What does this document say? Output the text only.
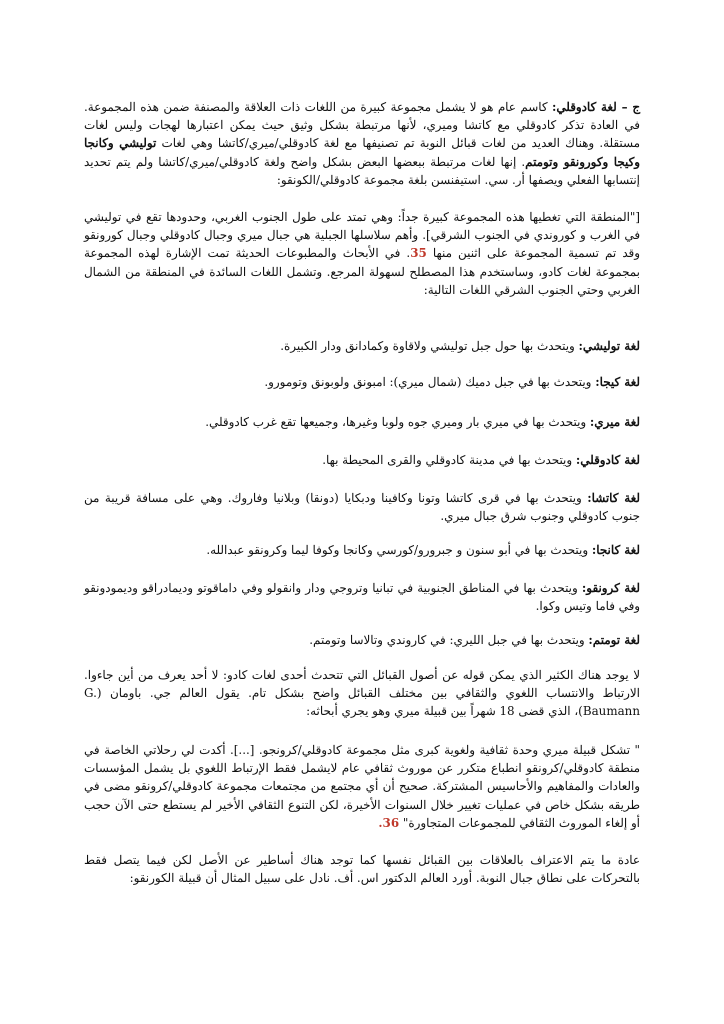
ج – لغة كادوقلي: كاسم عام هو لا يشمل مجموعة كبيرة من اللغات ذات العلاقة والمصنفة ضمن هذه المجموعة. في العادة تذكر كادوقلي مع كاتشا وميري، لأنها مرتبطة بشكل وثيق حيث يمكن اعتبارها لهجات وليس لغات مستقلة. وهناك العديد من لغات قبائل النوبة تم تصنيفها مع لغة كادوقلي/ميري/كاتشا وهي لغات توليشي وكانجا وكيجا وكورونقو وتومتم. إنها لغات مرتبطة ببعضها البعض بشكل واضح ولغة كادوقلي/ميري/كاتشا ولم يتم تحديد إنتسابها الفعلي ويصفها أر. سي. استيفنسن بلغة مجموعة كادوقلي/الكونقو:

["المنطقة التي تغطيها هذه المجموعة كبيرة جداً: وهي تمتد على طول الجنوب الغربي، وحدودها تقع في توليشي في الغرب و كوروندي في الجنوب الشرقي]. وأهم سلاسلها الجبلية هي جبال ميري وجبال كادوقلي وجبال كورونقو وقد تم تسمية المجموعة على اثنين منها 35. في الأبحاث والمطبوعات الحديثة تمت الإشارة لهذه المجموعة بمجموعة لغات كادو، وساستخدم هذا المصطلح لسهولة المرجع. وتشمل اللغات السائدة في المنطقة من الشمال الغربي وحتي الجنوب الشرقي اللغات التالية:

لغة توليشي: ويتحدث بها حول جبل توليشي ولاقاوة وكمادانق ودار الكبيرة.

لغة كيجا: ويتحدث بها في جبل دميك (شمال ميري): امبونق ولوبونق وتومورو.

لغة ميري: ويتحدث بها في ميري بار وميري جوه ولوبا وغيرها، وجميعها تقع غرب كادوقلي.

لغة كادوقلي: ويتحدث بها في مدينة كادوقلي والقرى المحيطة بها.

لغة كاتشا: ويتحدث بها في قرى كاتشا وتونا وكافينا ودبكايا (دونقا) وبلانيا وفاروك. وهي على مسافة قريبة من جنوب كادوقلي وجنوب شرق جبال ميري.

لغة كانجا: ويتحدث بها في أبو سنون و جبرورو/كورسي وكانجا وكوفا ليما وكرونقو عبدالله.

لغة كرونقو: ويتحدث بها في المناطق الجنوبية في تبانيا وتروجي ودار وانقولو وفي داماقوتو وديمادراقو وديمودونقو وفي فاما وتيس وكوا.

لغة تومتم: ويتحدث بها في جبل الليري: في كاروندي وتالاسا وتومتم.

لا يوجد هناك الكثير الذي يمكن قوله عن أصول القبائل التي تتحدث أحدى لغات كادو: لا أحد يعرف من أين جاءوا. الارتباط والانتساب اللغوي والثقافي بين مختلف القبائل واضح بشكل تام. يقول العالم جي. باومان (G. Baumann)، الذي قضى 18 شهراً بين قبيلة ميري وهو يجري أبحاثه:

" تشكل قبيلة ميري وحدة ثقافية ولغوية كبرى مثل مجموعة كادوقلي/كرونجو. [...]. أكدت لي رحلاتي الخاصة في منطقة كادوقلي/كرونقو انطباع متكرر عن موروث ثقافي عام لايشمل فقط الإرتباط اللغوي بل يشمل المؤسسات والعادات والمفاهيم والأحاسيس المشتركة. صحيح أن أي مجتمع من مجتمعات مجموعة كادوقلي/كرونقو مضى في طريقه بشكل خاص في عمليات تغيير خلال السنوات الأخيرة، لكن التنوع الثقافي الأخير لم يستطع حتى الآن حجب أو إلغاء الموروث الثقافي للمجموعات المتجاورة" 36.

عادة ما يتم الاعتراف بالعلاقات بين القبائل نفسها كما توجد هناك أساطير عن الأصل لكن فيما يتصل فقط بالتحركات على نطاق جبال النوبة. أورد العالم الدكتور اس. أف. نادل على سبيل المثال أن قبيلة الكورنقو:
